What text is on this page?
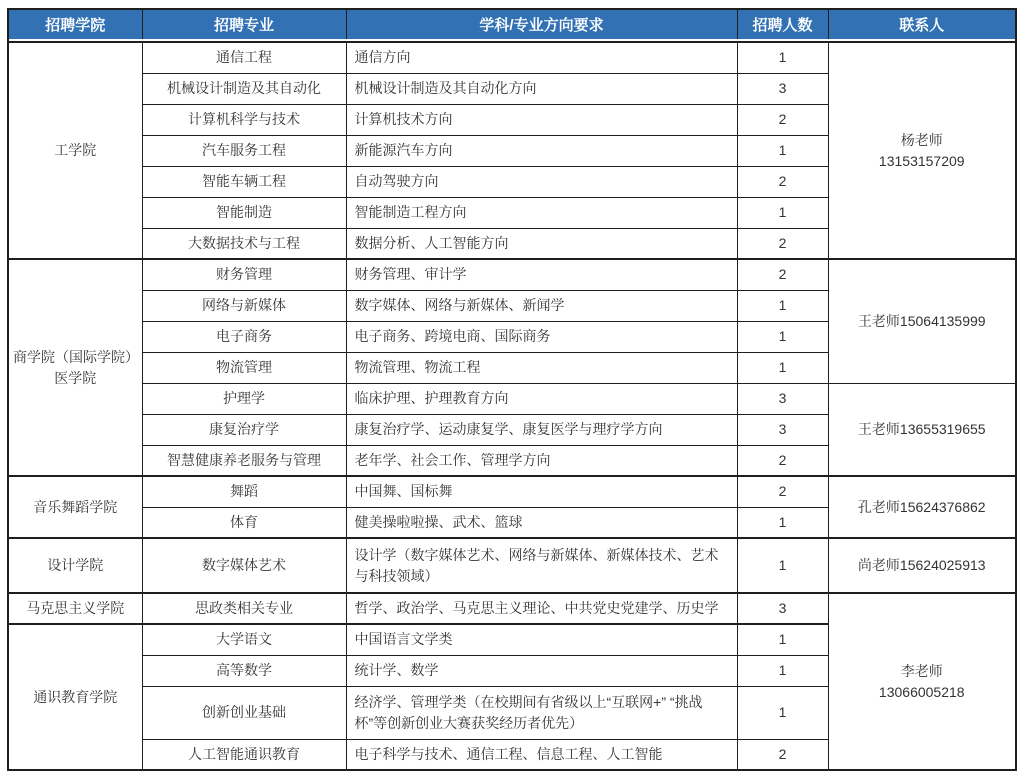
招聘学院	招聘专业	学科/专业方向要求	招聘人数	联系人

工学院	通信工程	通信方向	1	杨老师
13153157209

	机械设计制造及其自动化	机械设计制造及其自动化方向	3	
	计算机科学与技术	计算机技术方向	2	
	汽车服务工程	新能源汽车方向	1	
	智能车辆工程	自动驾驶方向	2	
	智能制造	智能制造工程方向	1	
	大数据技术与工程	数据分析、人工智能方向	2	

商学院（国际学院）
医学院	财务管理	财务管理、审计学	2	王老师15064135999
	网络与新媒体	数字媒体、网络与新媒体、新闻学	1	
	电子商务	电子商务、跨境电商、国际商务	1	
	物流管理	物流管理、物流工程	1	
	护理学	临床护理、护理教育方向	3	王老师13655319655
	康复治疗学	康复治疗学、运动康复学、康复医学与理疗学方向	3	
	智慧健康养老服务与管理	老年学、社会工作、管理学方向	2	
音乐舞蹈学院	舞蹈	中国舞、国标舞	2	孔老师15624376862
	体育	健美操啦啦操、武术、篮球	1	
设计学院	数字媒体艺术	设计学（数字媒体艺术、网络与新媒体、新媒体技术、艺术与科技领域）	1	尚老师15624025913
马克思主义学院	思政类相关专业	哲学、政治学、马克思主义理论、中共党史党建学、历史学	3	李老师
13066005218

通识教育学院	大学语文	中国语言文学类	1	
	高等数学	统计学、数学	1	
	创新创业基础	经济学、管理学类（在校期间有省级以上“互联网+” “挑战杯”等创新创业大赛获奖经历者优先）	1	
	人工智能通识教育	电子科学与技术、通信工程、信息工程、人工智能	2	
